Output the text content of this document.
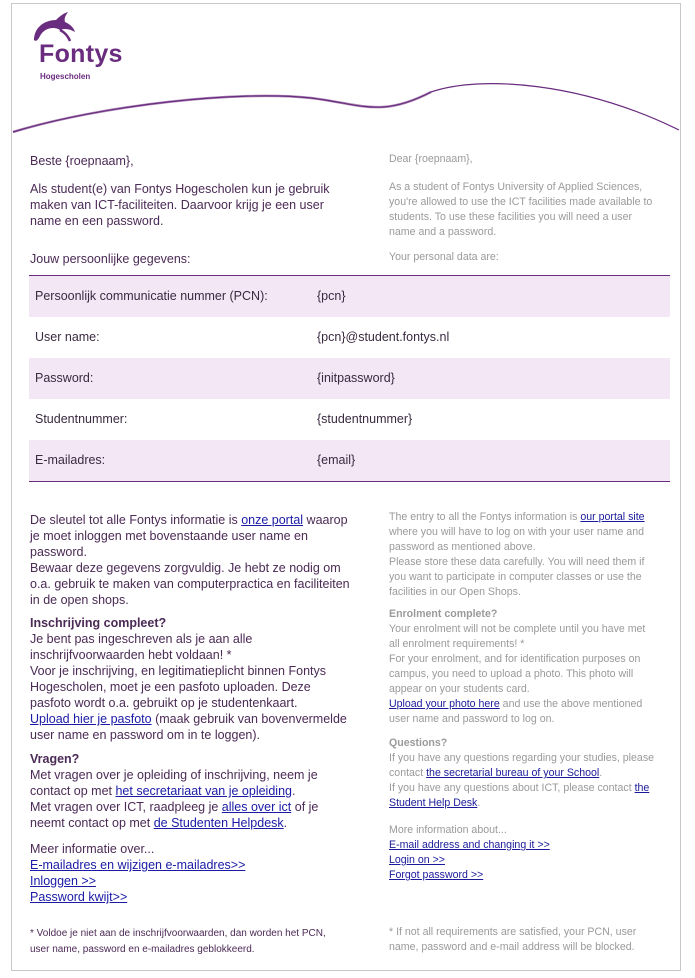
Fontys
Hogescholen
Beste {roepnaam},
Als student(e) van Fontys Hogescholen kun je gebruik
maken van ICT-faciliteiten. Daarvoor krijg je een user
name en een password.
Jouw persoonlijke gegevens:
Dear {roepnaam},
As a student of Fontys University of Applied Sciences,
you're allowed to use the ICT facilities made available to
students. To use these facilities you will need a user
name and a password.
Your personal data are:
Persoonlijk communicatie nummer (PCN):	{pcn}
User name:	{pcn}@student.fontys.nl
Password:	{initpassword}
Studentnummer:	{studentnummer}
E-mailadres:	{email}
De sleutel tot alle Fontys informatie is onze portal waarop
je moet inloggen met bovenstaande user name en
password.
Bewaar deze gegevens zorgvuldig. Je hebt ze nodig om
o.a. gebruik te maken van computerpractica en faciliteiten
in de open shops.
Inschrijving compleet?
Je bent pas ingeschreven als je aan alle
inschrijfvoorwaarden hebt voldaan! *
Voor je inschrijving, en legitimatieplicht binnen Fontys
Hogescholen, moet je een pasfoto uploaden. Deze
pasfoto wordt o.a. gebruikt op je studentenkaart.
Upload hier je pasfoto (maak gebruik van bovenvermelde
user name en password om in te loggen).
Vragen?
Met vragen over je opleiding of inschrijving, neem je
contact op met het secretariaat van je opleiding.
Met vragen over ICT, raadpleeg je alles over ict of je
neemt contact op met de Studenten Helpdesk.
Meer informatie over...
E-mailadres en wijzigen e-mailadres>>
Inloggen >>
Password kwijt>>
* Voldoe je niet aan de inschrijfvoorwaarden, dan worden het PCN,
user name, password en e-mailadres geblokkeerd.
The entry to all the Fontys information is our portal site
where you will have to log on with your user name and
password as mentioned above.
Please store these data carefully. You will need them if
you want to participate in computer classes or use the
facilities in our Open Shops.
Enrolment complete?
Your enrolment will not be complete until you have met
all enrolment requirements! *
For your enrolment, and for identification purposes on
campus, you need to upload a photo. This photo will
appear on your students card.
Upload your photo here and use the above mentioned
user name and password to log on.
Questions?
If you have any questions regarding your studies, please
contact the secretarial bureau of your School.
If you have any questions about ICT, please contact the
Student Help Desk.
More information about...
E-mail address and changing it >>
Login on >>
Forgot password >>
* If not all requirements are satisfied, your PCN, user
name, password and e-mail address will be blocked.
